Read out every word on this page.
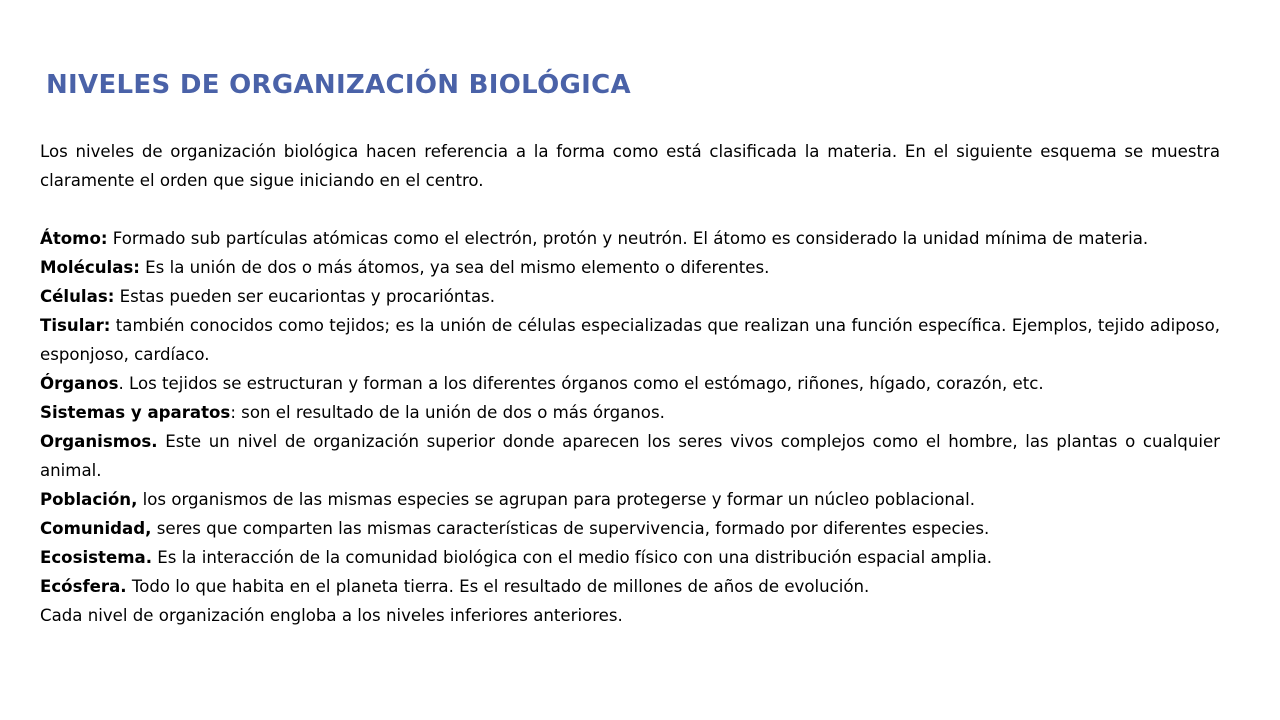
NIVELES DE ORGANIZACIÓN BIOLÓGICA

Los niveles de organización biológica hacen referencia a la forma como está clasificada la materia. En el siguiente esquema se muestra claramente el orden que sigue iniciando en el centro.

Átomo: Formado sub partículas atómicas como el electrón, protón y neutrón. El átomo es considerado la unidad mínima de materia.

Moléculas: Es la unión de dos o más átomos, ya sea del mismo elemento o diferentes.

Células: Estas pueden ser eucariontas y procariόntas.

Tisular: también conocidos como tejidos; es la unión de células especializadas que realizan una función específica. Ejemplos, tejido adiposo, esponjoso, cardíaco.

Órganos. Los tejidos se estructuran y forman a los diferentes órganos como el estómago, riñones, hígado, corazón, etc.

Sistemas y aparatos: son el resultado de la unión de dos o más órganos.

Organismos. Este un nivel de organización superior donde aparecen los seres vivos complejos como el hombre, las plantas o cualquier animal.

Población, los organismos de las mismas especies se agrupan para protegerse y formar un núcleo poblacional.

Comunidad, seres que comparten las mismas características de supervivencia, formado por diferentes especies.

Ecosistema. Es la interacción de la comunidad biológica con el medio físico con una distribución espacial amplia.

Ecósfera. Todo lo que habita en el planeta tierra. Es el resultado de millones de años de evolución.

Cada nivel de organización engloba a los niveles inferiores anteriores.
